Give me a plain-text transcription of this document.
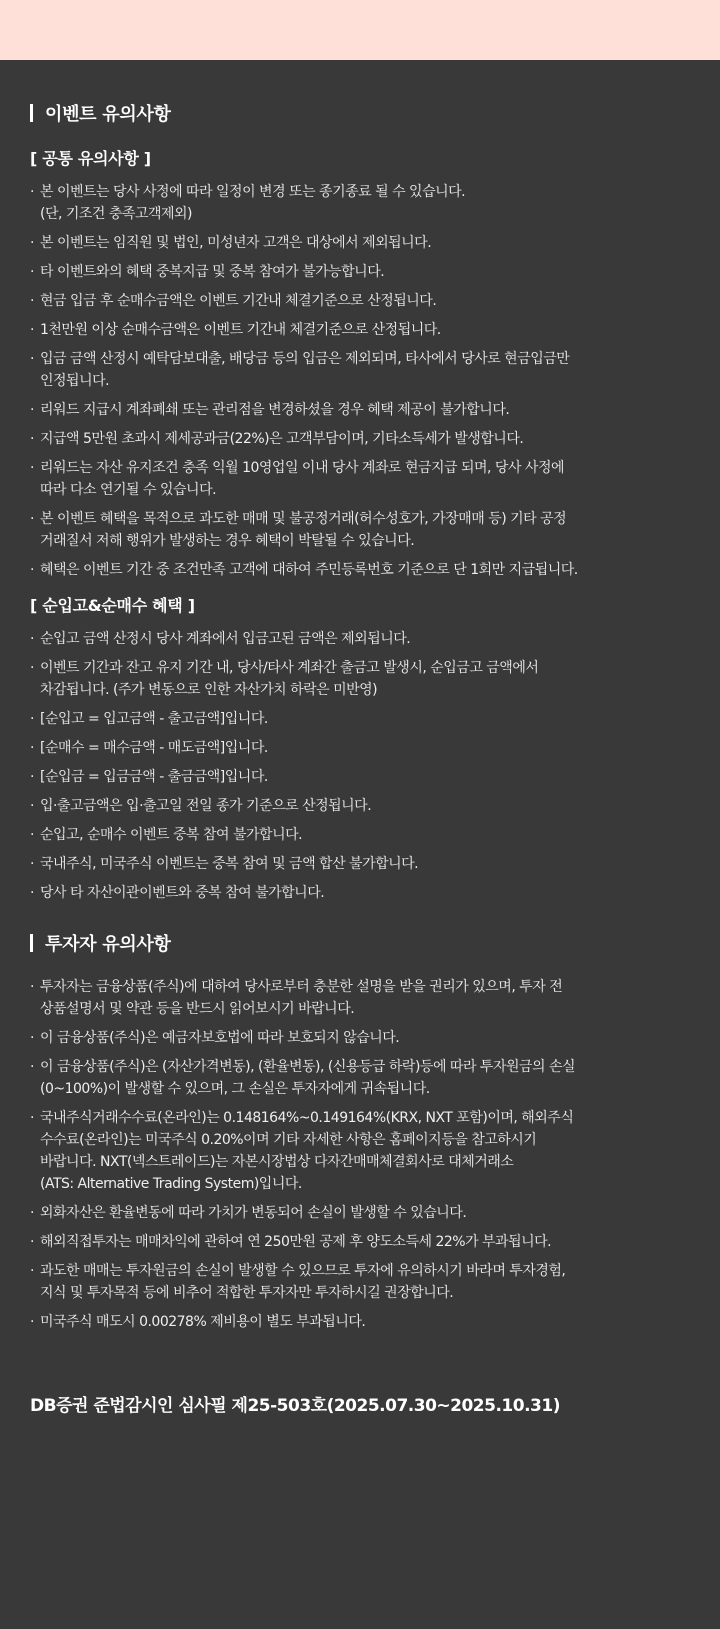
이벤트 유의사항
[ 공통 유의사항 ]
· 본 이벤트는 당사 사정에 따라 일정이 변경 또는 종기종료 될 수 있습니다.
(단, 기조건 충족고객제외)
· 본 이벤트는 임직원 및 법인, 미성년자 고객은 대상에서 제외됩니다.
· 타 이벤트와의 혜택 중복지급 및 중복 참여가 불가능합니다.
· 현금 입금 후 순매수금액은 이벤트 기간내 체결기준으로 산정됩니다.
· 1천만원 이상 순매수금액은 이벤트 기간내 체결기준으로 산정됩니다.
· 입금 금액 산정시 예탁담보대출, 배당금 등의 입금은 제외되며, 타사에서 당사로 현금입금만
인정됩니다.
· 리워드 지급시 계좌폐쇄 또는 관리점을 변경하셨을 경우 혜택 제공이 불가합니다.
· 지급액 5만원 초과시 제세공과금(22%)은 고객부담이며, 기타소득세가 발생합니다.
· 리워드는 자산 유지조건 충족 익월 10영업일 이내 당사 계좌로 현금지급 되며, 당사 사정에
따라 다소 연기될 수 있습니다.
· 본 이벤트 혜택을 목적으로 과도한 매매 및 불공정거래(허수성호가, 가장매매 등) 기타 공정
거래질서 저해 행위가 발생하는 경우 혜택이 박탈될 수 있습니다.
· 혜택은 이벤트 기간 중 조건만족 고객에 대하여 주민등록번호 기준으로 단 1회만 지급됩니다.
[ 순입고&순매수 혜택 ]
· 순입고 금액 산정시 당사 계좌에서 입금고된 금액은 제외됩니다.
· 이벤트 기간과 잔고 유지 기간 내, 당사/타사 계좌간 출금고 발생시, 순입금고 금액에서
차감됩니다. (주가 변동으로 인한 자산가치 하락은 미반영)
· [순입고 = 입고금액 - 출고금액]입니다.
· [순매수 = 매수금액 - 매도금액]입니다.
· [순입금 = 입금금액 - 출금금액]입니다.
· 입·출고금액은 입·출고일 전일 종가 기준으로 산정됩니다.
· 순입고, 순매수 이벤트 중복 참여 불가합니다.
· 국내주식, 미국주식 이벤트는 중복 참여 및 금액 합산 불가합니다.
· 당사 타 자산이관이벤트와 중복 참여 불가합니다.
투자자 유의사항
· 투자자는 금융상품(주식)에 대하여 당사로부터 충분한 설명을 받을 권리가 있으며, 투자 전
상품설명서 및 약관 등을 반드시 읽어보시기 바랍니다.
· 이 금융상품(주식)은 예금자보호법에 따라 보호되지 않습니다.
· 이 금융상품(주식)은 (자산가격변동), (환율변동), (신용등급 하락)등에 따라 투자원금의 손실
(0~100%)이 발생할 수 있으며, 그 손실은 투자자에게 귀속됩니다.
· 국내주식거래수수료(온라인)는 0.148164%~0.149164%(KRX, NXT 포함)이며, 해외주식
수수료(온라인)는 미국주식 0.20%이며 기타 자세한 사항은 홈페이지등을 참고하시기
바랍니다. NXT(넥스트레이드)는 자본시장법상 다자간매매체결회사로 대체거래소
(ATS: Alternative Trading System)입니다.
· 외화자산은 환율변동에 따라 가치가 변동되어 손실이 발생할 수 있습니다.
· 해외직접투자는 매매차익에 관하여 연 250만원 공제 후 양도소득세 22%가 부과됩니다.
· 과도한 매매는 투자원금의 손실이 발생할 수 있으므로 투자에 유의하시기 바라며 투자경험,
지식 및 투자목적 등에 비추어 적합한 투자자만 투자하시길 권장합니다.
· 미국주식 매도시 0.00278% 제비용이 별도 부과됩니다.
DB증권 준법감시인 심사필 제25-503호(2025.07.30~2025.10.31)
